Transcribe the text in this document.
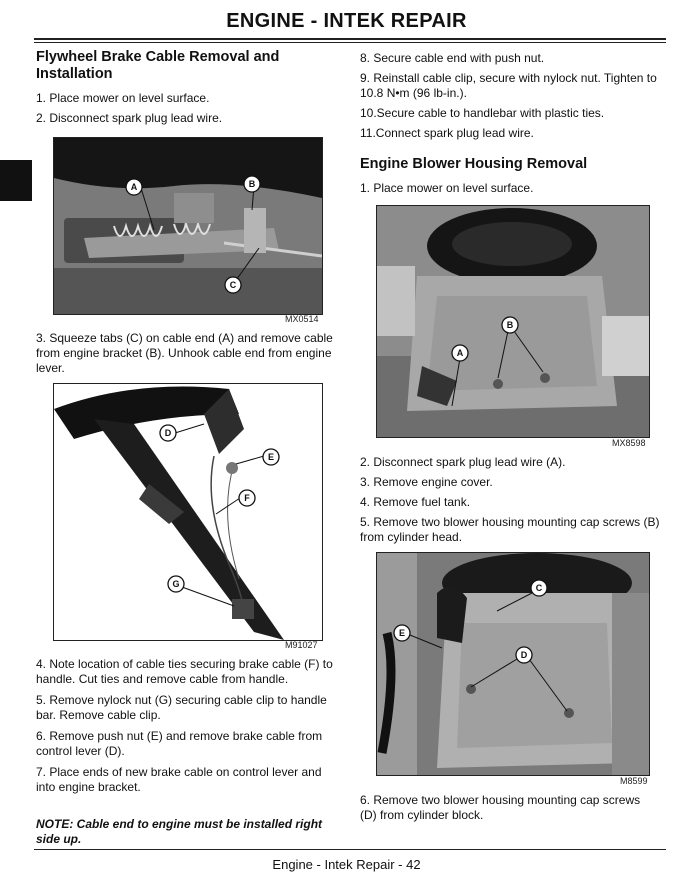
ENGINE - INTEK REPAIR

Flywheel Brake Cable Removal and Installation

1. Place mower on level surface.

2. Disconnect spark plug lead wire.

A	B
C
MX0514

3. Squeeze tabs (C) on cable end (A) and remove cable from engine bracket (B). Unhook cable end from engine lever.

D
E
F
G
M91027

4. Note location of cable ties securing brake cable (F) to handle. Cut ties and remove cable from handle.

5. Remove nylock nut (G) securing cable clip to handle bar. Remove cable clip.

6. Remove push nut (E) and remove brake cable from control lever (D).

7. Place ends of new brake cable on control lever and into engine bracket.

NOTE: Cable end to engine must be installed right side up.

8. Secure cable end with push nut.

9. Reinstall cable clip, secure with nylock nut. Tighten to 10.8 N•m (96 lb-in.).

10.Secure cable to handlebar with plastic ties.

11.Connect spark plug lead wire.

Engine Blower Housing Removal

1. Place mower on level surface.

B
A
MX8598

2. Disconnect spark plug lead wire (A).

3. Remove engine cover.

4. Remove fuel tank.

5. Remove two blower housing mounting cap screws (B) from cylinder head.

C
E
D
M8599

6. Remove two blower housing mounting cap screws (D) from cylinder block.

Engine - Intek Repair - 42
